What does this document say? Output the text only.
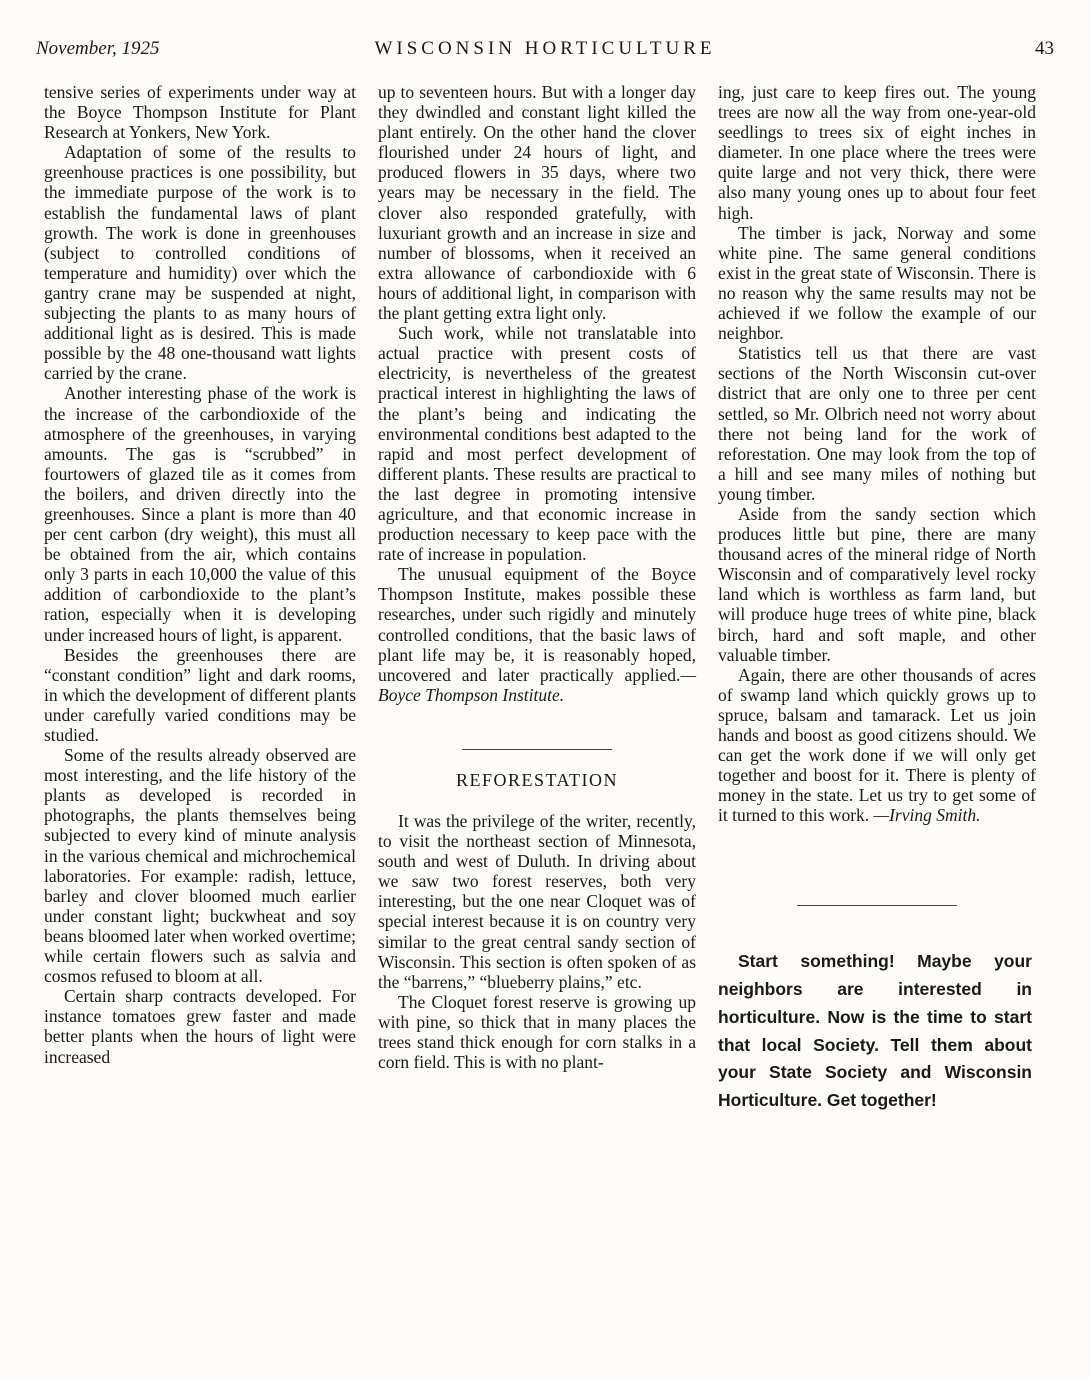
November, 1925	WISCONSIN HORTICULTURE	43

tensive series of experiments under way at the Boyce Thompson Institute for Plant Research at Yonkers, New York.

Adaptation of some of the results to greenhouse practices is one possibility, but the immediate purpose of the work is to establish the fundamental laws of plant growth. The work is done in greenhouses (subject to controlled conditions of temperature and humidity) over which the gantry crane may be suspended at night, subjecting the plants to as many hours of additional light as is desired. This is made possible by the 48 one-thousand watt lights carried by the crane.

Another interesting phase of the work is the increase of the carbondioxide of the atmosphere of the greenhouses, in varying amounts. The gas is “scrubbed” in fourtowers of glazed tile as it comes from the boilers, and driven directly into the greenhouses. Since a plant is more than 40 per cent carbon (dry weight), this must all be obtained from the air, which contains only 3 parts in each 10,000 the value of this addition of carbondioxide to the plant’s ration, especially when it is developing under increased hours of light, is apparent.

Besides the greenhouses there are “constant condition” light and dark rooms, in which the development of different plants under carefully varied conditions may be studied.

Some of the results already observed are most interesting, and the life history of the plants as developed is recorded in photographs, the plants themselves being subjected to every kind of minute analysis in the various chemical and michrochemical laboratories. For example: radish, lettuce, barley and clover bloomed much earlier under constant light; buckwheat and soy beans bloomed later when worked overtime; while certain flowers such as salvia and cosmos refused to bloom at all.

Certain sharp contracts developed. For instance tomatoes grew faster and made better plants when the hours of light were increased

up to seventeen hours. But with a longer day they dwindled and constant light killed the plant entirely. On the other hand the clover flourished under 24 hours of light, and produced flowers in 35 days, where two years may be necessary in the field. The clover also responded gratefully, with luxuriant growth and an increase in size and number of blossoms, when it received an extra allowance of carbondioxide with 6 hours of additional light, in comparison with the plant getting extra light only.

Such work, while not translatable into actual practice with present costs of electricity, is nevertheless of the greatest practical interest in highlighting the laws of the plant’s being and indicating the environmental conditions best adapted to the rapid and most perfect development of different plants. These results are practical to the last degree in promoting intensive agriculture, and that economic increase in production necessary to keep pace with the rate of increase in population.

The unusual equipment of the Boyce Thompson Institute, makes possible these researches, under such rigidly and minutely controlled conditions, that the basic laws of plant life may be, it is reasonably hoped, uncovered and later practically applied.—Boyce Thompson Institute.

REFORESTATION

It was the privilege of the writer, recently, to visit the northeast section of Minnesota, south and west of Duluth. In driving about we saw two forest reserves, both very interesting, but the one near Cloquet was of special interest because it is on country very similar to the great central sandy section of Wisconsin. This section is often spoken of as the “barrens,” “blueberry plains,” etc.

The Cloquet forest reserve is growing up with pine, so thick that in many places the trees stand thick enough for corn stalks in a corn field. This is with no plant-

ing, just care to keep fires out. The young trees are now all the way from one-year-old seedlings to trees six of eight inches in diameter. In one place where the trees were quite large and not very thick, there were also many young ones up to about four feet high.

The timber is jack, Norway and some white pine. The same general conditions exist in the great state of Wisconsin. There is no reason why the same results may not be achieved if we follow the example of our neighbor.

Statistics tell us that there are vast sections of the North Wisconsin cut-over district that are only one to three per cent settled, so Mr. Olbrich need not worry about there not being land for the work of reforestation. One may look from the top of a hill and see many miles of nothing but young timber.

Aside from the sandy section which produces little but pine, there are many thousand acres of the mineral ridge of North Wisconsin and of comparatively level rocky land which is worthless as farm land, but will produce huge trees of white pine, black birch, hard and soft maple, and other valuable timber.

Again, there are other thousands of acres of swamp land which quickly grows up to spruce, balsam and tamarack. Let us join hands and boost as good citizens should. We can get the work done if we will only get together and boost for it. There is plenty of money in the state. Let us try to get some of it turned to this work. —Irving Smith.

Start something! Maybe your neighbors are interested in horticulture. Now is the time to start that local Society. Tell them about your State Society and Wisconsin Horticulture. Get together!
